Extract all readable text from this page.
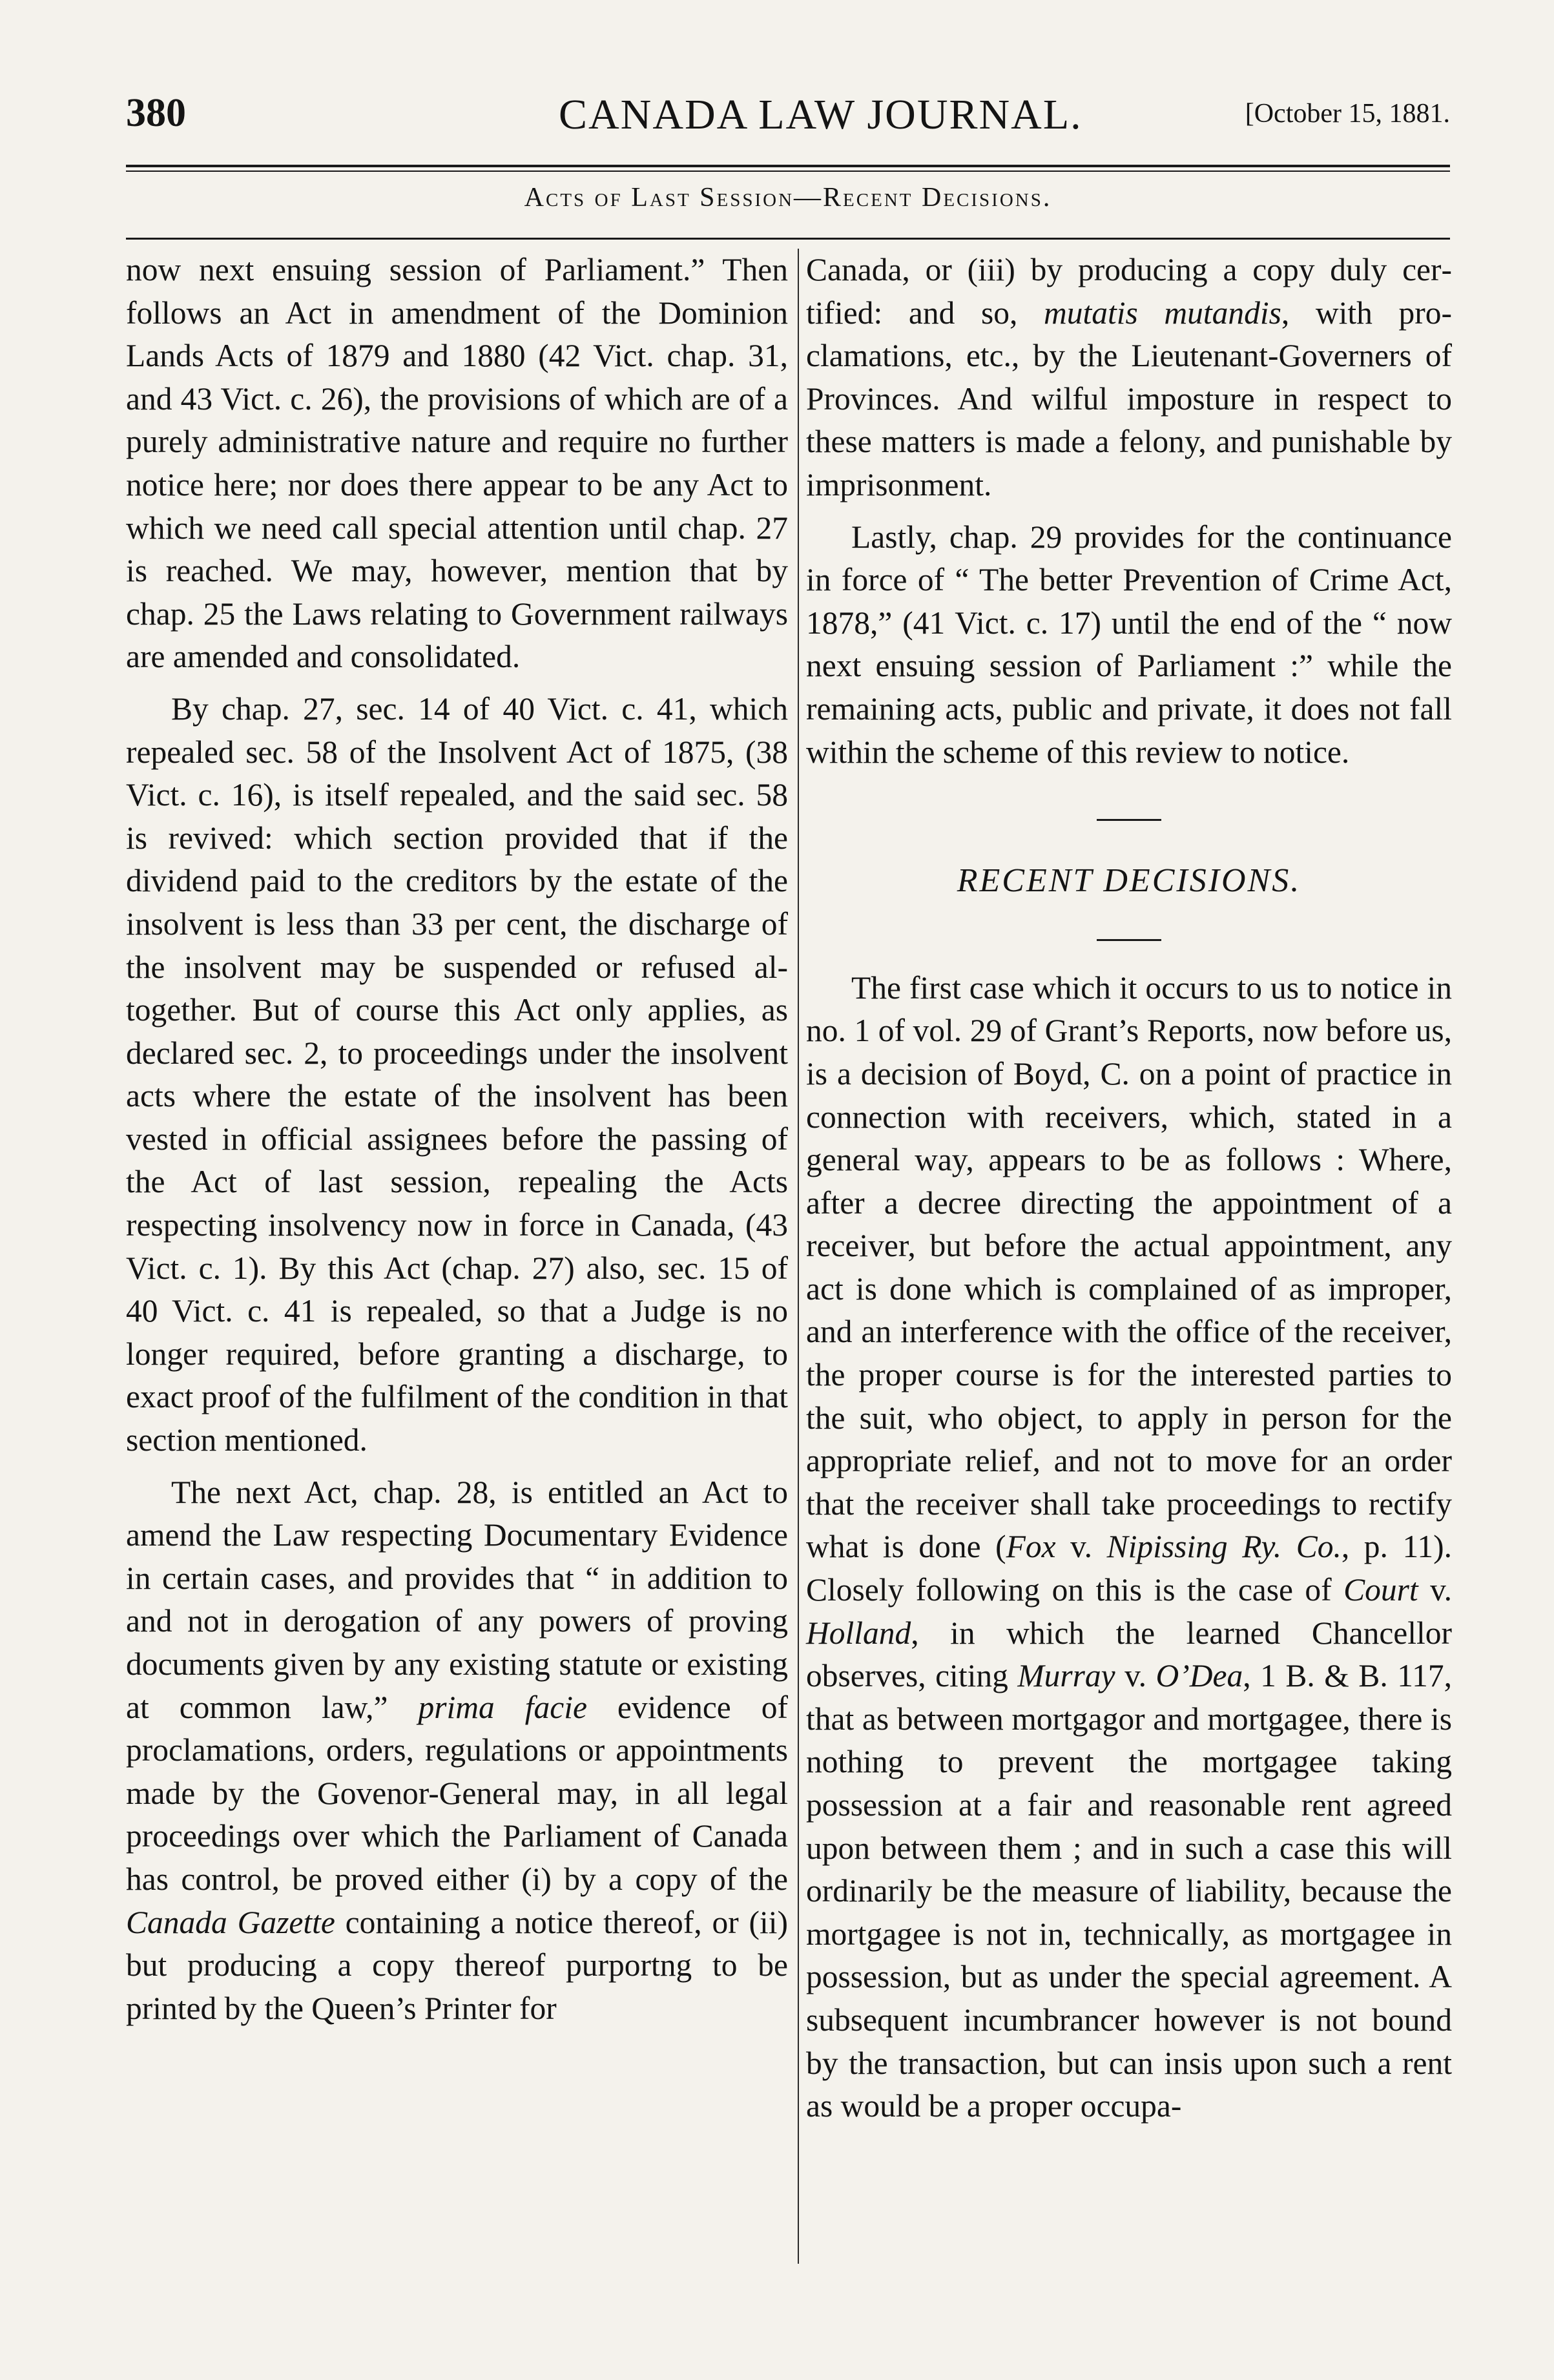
380	CANADA LAW JOURNAL.	[October 15, 1881.
Acts of Last Session—Recent Decisions.

now next ensuing session of Parliament.” Then follows an Act in amendment of the Dominion Lands Acts of 1879 and 1880 (42 Vict. chap. 31, and 43 Vict. c. 26), the provisions of which are of a purely administrative nature and require no further notice here; nor does there appear to be any Act to which we need call special attention until chap. 27 is reached. We may, however, mention that by chap. 25 the Laws relating to Government railways are amended and consolidated.

By chap. 27, sec. 14 of 40 Vict. c. 41, which repealed sec. 58 of the Insolvent Act of 1875, (38 Vict. c. 16), is itself repealed, and the said sec. 58 is revived: which section provided that if the dividend paid to the creditors by the estate of the insolvent is less than 33 per cent, the discharge of the insolvent may be suspended or refused altogether. But of course this Act only applies, as declared sec. 2, to proceedings under the insolvent acts where the estate of the insolvent has been vested in official assignees before the passing of the Act of last session, repealing the Acts respecting insolvency now in force in Canada, (43 Vict. c. 1). By this Act (chap. 27) also, sec. 15 of 40 Vict. c. 41 is repealed, so that a Judge is no longer required, before granting a discharge, to exact proof of the fulfilment of the condition in that section mentioned.

The next Act, chap. 28, is entitled an Act to amend the Law respecting Documentary Evidence in certain cases, and provides that “ in addition to and not in derogation of any powers of proving documents given by any existing statute or existing at common law,” prima facie evidence of proclamations, orders, regulations or appointments made by the Govenor-General may, in all legal proceedings over which the Parliament of Canada has control, be proved either (i) by a copy of the Canada Gazette containing a notice thereof, or (ii) but producing a copy thereof purportng to be printed by the Queen’s Printer for

Canada, or (iii) by producing a copy duly certified: and so, mutatis mutandis, with proclamations, etc., by the Lieutenant-Governers of Provinces. And wilful imposture in respect to these matters is made a felony, and punishable by imprisonment.

Lastly, chap. 29 provides for the continuance in force of “ The better Prevention of Crime Act, 1878,” (41 Vict. c. 17) until the end of the “ now next ensuing session of Parliament :” while the remaining acts, public and private, it does not fall within the scheme of this review to notice.

RECENT DECISIONS.

The first case which it occurs to us to notice in no. 1 of vol. 29 of Grant’s Reports, now before us, is a decision of Boyd, C. on a point of practice in connection with receivers, which, stated in a general way, appears to be as follows : Where, after a decree directing the appointment of a receiver, but before the actual appointment, any act is done which is complained of as improper, and an interference with the office of the receiver, the proper course is for the interested parties to the suit, who object, to apply in person for the appropriate relief, and not to move for an order that the receiver shall take proceedings to rectify what is done (Fox v. Nipissing Ry. Co., p. 11). Closely following on this is the case of Court v. Holland, in which the learned Chancellor observes, citing Murray v. O’Dea, 1 B. & B. 117, that as between mortgagor and mortgagee, there is nothing to prevent the mortgagee taking possession at a fair and reasonable rent agreed upon between them ; and in such a case this will ordinarily be the measure of liability, because the mortgagee is not in, technically, as mortgagee in possession, but as under the special agreement. A subsequent incumbrancer however is not bound by the transaction, but can insis upon such a rent as would be a proper occupa-
